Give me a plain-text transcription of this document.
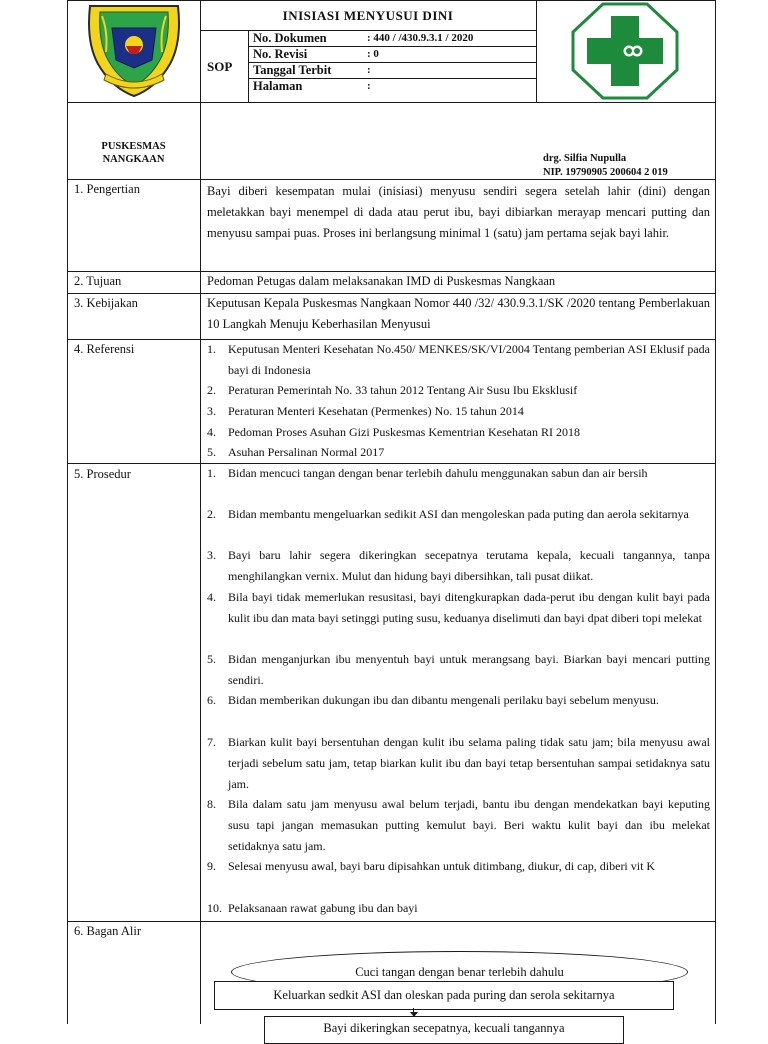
INISIASI MENYUSUI DINI
SOP
No. Dokumen	: 440 / /430.9.3.1 / 2020
No. Revisi	: 0
Tanggal Terbit	:
Halaman	:
PUSKESMAS
NANGKAAN	drg. Silfia Nupulla
NIP. 19790905 200604 2 019
1. Pengertian	Bayi diberi kesempatan mulai (inisiasi) menyusu sendiri segera setelah lahir (dini) dengan meletakkan bayi menempel di dada atau perut ibu, bayi dibiarkan merayap mencari putting dan menyusu sampai puas. Proses ini berlangsung minimal 1 (satu) jam pertama sejak bayi lahir.
2. Tujuan	Pedoman Petugas dalam melaksanakan IMD di Puskesmas Nangkaan
3. Kebijakan	Keputusan Kepala Puskesmas Nangkaan Nomor 440 /32/ 430.9.3.1/SK /2020 tentang Pemberlakuan 10 Langkah Menuju Keberhasilan Menyusui
4. Referensi	1. Keputusan Menteri Kesehatan No.450/ MENKES/SK/VI/2004 Tentang pemberian ASI Eklusif pada bayi di Indonesia
2. Peraturan Pemerintah No. 33 tahun 2012 Tentang Air Susu Ibu Eksklusif
3. Peraturan Menteri Kesehatan (Permenkes) No. 15 tahun 2014
4. Pedoman Proses Asuhan Gizi Puskesmas Kementrian Kesehatan RI 2018
5. Asuhan Persalinan Normal 2017
5. Prosedur	1. Bidan mencuci tangan dengan benar terlebih dahulu menggunakan sabun dan air bersih
2. Bidan membantu mengeluarkan sedikit ASI dan mengoleskan pada puting dan aerola sekitarnya
3. Bayi baru lahir segera dikeringkan secepatnya terutama kepala, kecuali tangannya, tanpa menghilangkan vernix. Mulut dan hidung bayi dibersihkan, tali pusat diikat.
4. Bila bayi tidak memerlukan resusitasi, bayi ditengkurapkan dada-perut ibu dengan kulit bayi pada kulit ibu dan mata bayi setinggi puting susu, keduanya diselimuti dan bayi dpat diberi topi melekat
5. Bidan menganjurkan ibu menyentuh bayi untuk merangsang bayi. Biarkan bayi mencari putting sendiri.
6. Bidan memberikan dukungan ibu dan dibantu mengenali perilaku bayi sebelum menyusu.
7. Biarkan kulit bayi bersentuhan dengan kulit ibu selama paling tidak satu jam; bila menyusu awal terjadi sebelum satu jam, tetap biarkan kulit ibu dan bayi tetap bersentuhan sampai setidaknya satu jam.
8. Bila dalam satu jam menyusu awal belum terjadi, bantu ibu dengan mendekatkan bayi keputing susu tapi jangan memasukan putting kemulut bayi. Beri waktu kulit bayi dan ibu melekat setidaknya satu jam.
9. Selesai menyusu awal, bayi baru dipisahkan untuk ditimbang, diukur, di cap, diberi vit K
10. Pelaksanaan rawat gabung ibu dan bayi
6. Bagan Alir
Cuci tangan dengan benar terlebih dahulu
Keluarkan sedkit ASI dan oleskan pada puring dan serola sekitarnya
Bayi dikeringkan secepatnya, kecuali tangannya
